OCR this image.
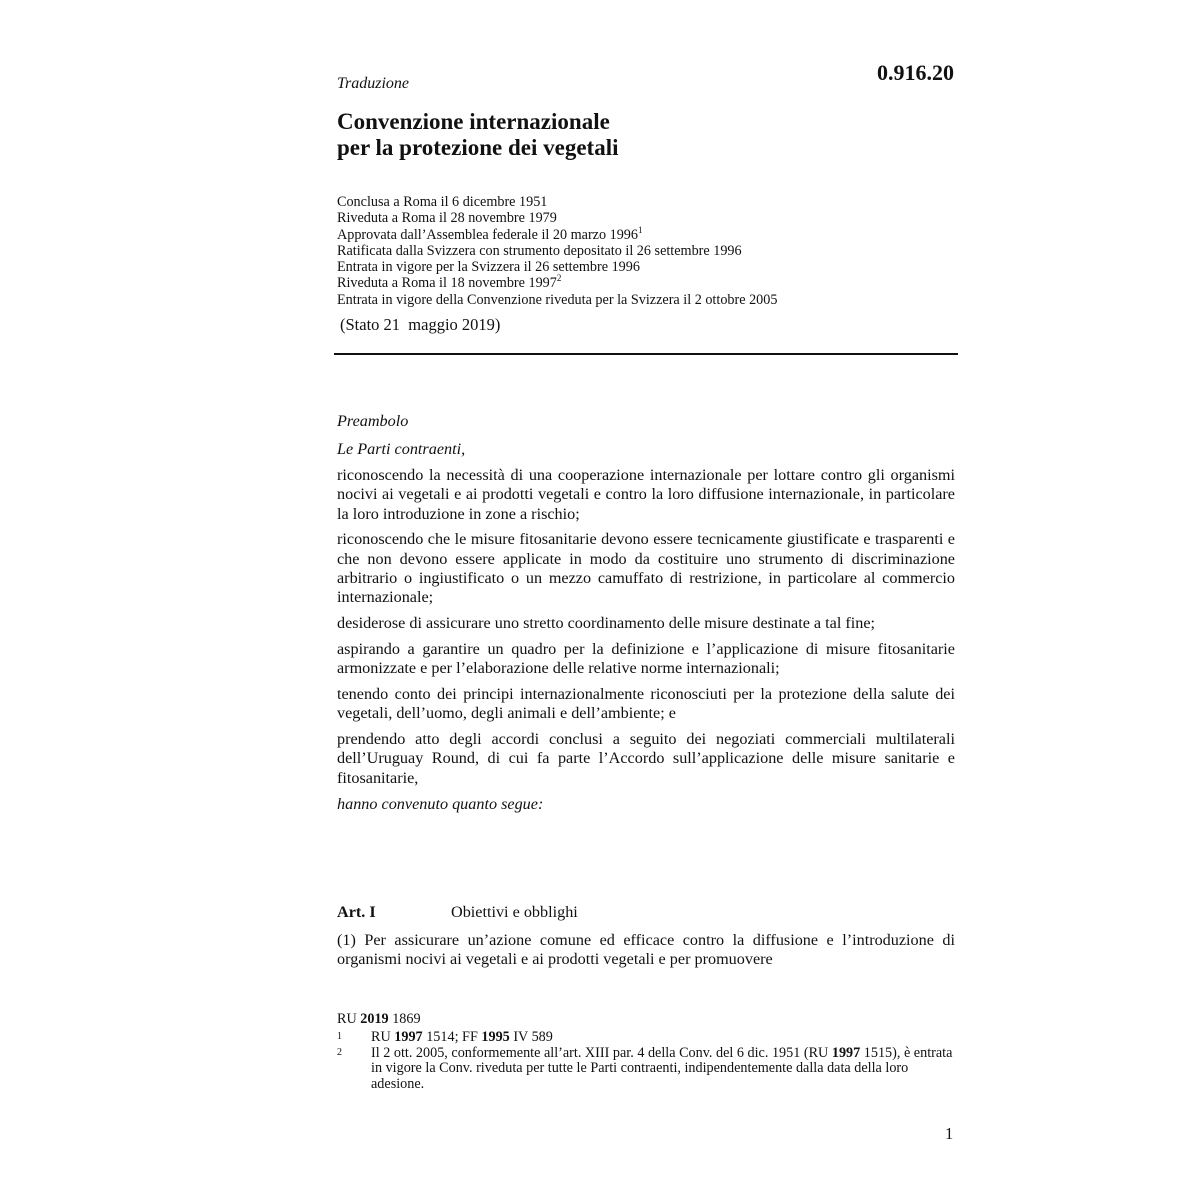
0.916.20
Traduzione
Convenzione internazionale
per la protezione dei vegetali
Conclusa a Roma il 6 dicembre 1951
Riveduta a Roma il 28 novembre 1979
Approvata dall’Assemblea federale il 20 marzo 1996$^1$
Ratificata dalla Svizzera con strumento depositato il 26 settembre 1996
Entrata in vigore per la Svizzera il 26 settembre 1996
Riveduta a Roma il 18 novembre 1997$^2$
Entrata in vigore della Convenzione riveduta per la Svizzera il 2 ottobre 2005
(Stato 21  maggio 2019)

Preambolo

Le Parti contraenti,

riconoscendo la necessità di una cooperazione internazionale per lottare contro gli organismi nocivi ai vegetali e ai prodotti vegetali e contro la loro diffusione internazionale, in particolare la loro introduzione in zone a rischio;

riconoscendo che le misure fitosanitarie devono essere tecnicamente giustificate e trasparenti e che non devono essere applicate in modo da costituire uno strumento di discriminazione arbitrario o ingiustificato o un mezzo camuffato di restrizione, in particolare al commercio internazionale;

desiderose di assicurare uno stretto coordinamento delle misure destinate a tal fine;

aspirando a garantire un quadro per la definizione e l’applicazione di misure fitosanitarie armonizzate e per l’elaborazione delle relative norme internazionali;

tenendo conto dei principi internazionalmente riconosciuti per la protezione della salute dei vegetali, dell’uomo, degli animali e dell’ambiente; e

prendendo atto degli accordi conclusi a seguito dei negoziati commerciali multilaterali dell’Uruguay Round, di cui fa parte l’Accordo sull’applicazione delle misure sanitarie e fitosanitarie,

hanno convenuto quanto segue:

Art. I	Obiettivi e obblighi
(1) Per assicurare un’azione comune ed efficace contro la diffusione e l’introduzione di organismi nocivi ai vegetali e ai prodotti vegetali e per promuovere
RU 2019 1869
1	RU 1997 1514; FF 1995 IV 589
2	Il 2 ott. 2005, conformemente all’art. XIII par. 4 della Conv. del 6 dic. 1951 (RU 1997 1515), è entrata in vigore la Conv. riveduta per tutte le Parti contraenti, indipendentemente dalla data della loro adesione.
1
